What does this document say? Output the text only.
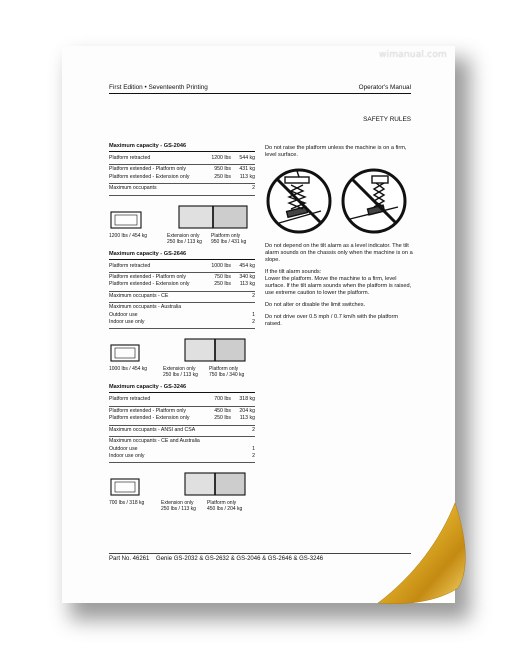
wimanual.com
First Edition • Seventeenth Printing	Operator's Manual
SAFETY RULES
Maximum capacity - GS-2046
Platform retracted	1200 lbs	544 kg
Platform extended - Platform only	950 lbs	431 kg
Platform extended - Extension only	250 lbs	113 kg
Maximum occupants	2
1200 lbs / 454 kg	Extension only
250 lbs / 113 kg
Platform only
950 lbs / 431 kg
Maximum capacity - GS-2646
Platform retracted	1000 lbs	454 kg
Platform extended - Platform only	750 lbs	340 kg
Platform extended - Extension only	250 lbs	113 kg
Maximum occupants - CE	2
Maximum occupants - Australia
Outdoor use	1
Indoor use only	2
1000 lbs / 454 kg	Extension only
250 lbs / 113 kg
Platform only
750 lbs / 340 kg
Maximum capacity - GS-3246
Platform retracted	700 lbs	318 kg
Platform extended - Platform only	450 lbs	204 kg
Platform extended - Extension only	250 lbs	113 kg
Maximum occupants - ANSI and CSA	2
Maximum occupants - CE and Australia
Outdoor use	1
Indoor use only	2
700 lbs / 318 kg	Extension only
250 lbs / 113 kg
Platform only
450 lbs / 204 kg

Do not raise the platform unless the machine is on a firm, level surface.

Do not depend on the tilt alarm as a level indicator. The tilt alarm sounds on the chassis only when the machine is on a slope.

If the tilt alarm sounds:

Lower the platform. Move the machine to a firm, level surface. If the tilt alarm sounds when the platform is raised, use extreme caution to lower the platform.

Do not alter or disable the limit switches.

Do not drive over 0.5 mph / 0.7 km/h with the platform raised.

Part No. 46261 Genie GS-2032 & GS-2632 & GS-2046 & GS-2646 & GS-3246
